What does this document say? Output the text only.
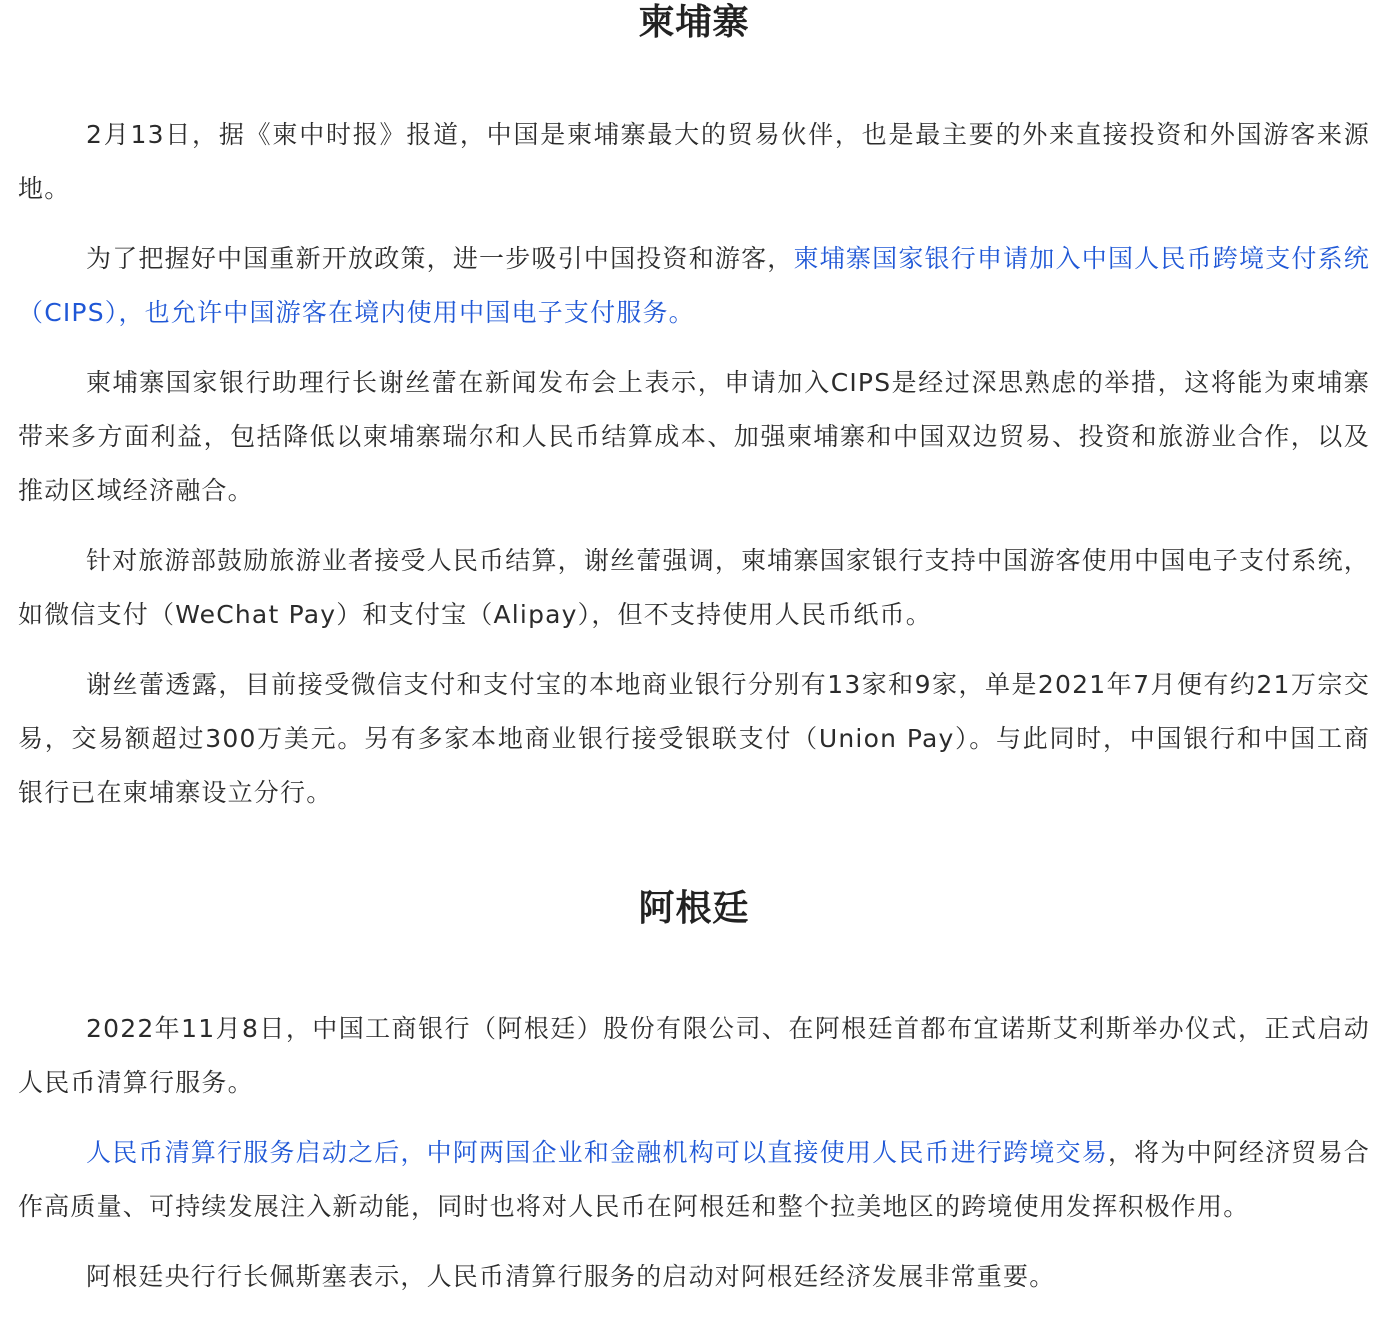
柬埔寨

2月13日，据《柬中时报》报道，中国是柬埔寨最大的贸易伙伴，也是最主要的外来直接投资和外国游客来源地。

为了把握好中国重新开放政策，进一步吸引中国投资和游客，柬埔寨国家银行申请加入中国人民币跨境支付系统（CIPS），也允许中国游客在境内使用中国电子支付服务。

柬埔寨国家银行助理行长谢丝蕾在新闻发布会上表示，申请加入CIPS是经过深思熟虑的举措，这将能为柬埔寨带来多方面利益，包括降低以柬埔寨瑞尔和人民币结算成本、加强柬埔寨和中国双边贸易、投资和旅游业合作，以及推动区域经济融合。

针对旅游部鼓励旅游业者接受人民币结算，谢丝蕾强调，柬埔寨国家银行支持中国游客使用中国电子支付系统，如微信支付（WeChat Pay）和支付宝（Alipay），但不支持使用人民币纸币。

谢丝蕾透露，目前接受微信支付和支付宝的本地商业银行分别有13家和9家，单是2021年7月便有约21万宗交易，交易额超过300万美元。另有多家本地商业银行接受银联支付（Union Pay）。与此同时，中国银行和中国工商银行已在柬埔寨设立分行。

阿根廷

2022年11月8日，中国工商银行（阿根廷）股份有限公司、在阿根廷首都布宜诺斯艾利斯举办仪式，正式启动人民币清算行服务。

人民币清算行服务启动之后，中阿两国企业和金融机构可以直接使用人民币进行跨境交易，将为中阿经济贸易合作高质量、可持续发展注入新动能，同时也将对人民币在阿根廷和整个拉美地区的跨境使用发挥积极作用。

阿根廷央行行长佩斯塞表示，人民币清算行服务的启动对阿根廷经济发展非常重要。
